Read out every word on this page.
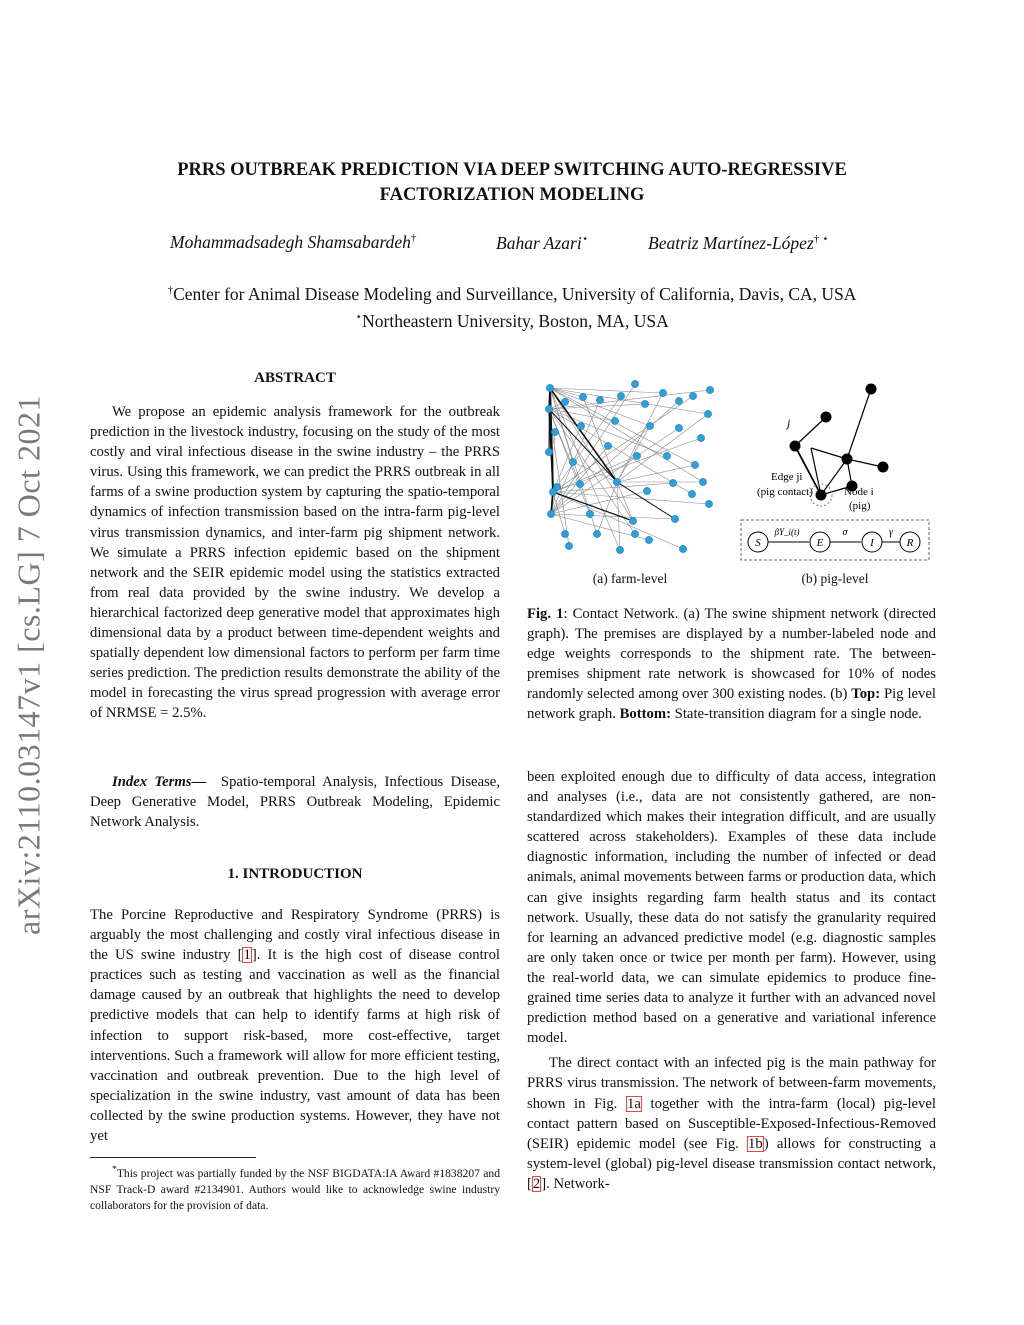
arXiv:2110.03147v1 [cs.LG] 7 Oct 2021
PRRS OUTBREAK PREDICTION VIA DEEP SWITCHING AUTO-REGRESSIVE
FACTORIZATION MODELING
Mohammadsadegh Shamsabardeh†	Bahar Azari⋆	Beatriz Martínez-López† ⋆
†Center for Animal Disease Modeling and Surveillance, University of California, Davis, CA, USA
⋆Northeastern University, Boston, MA, USA
ABSTRACT

We propose an epidemic analysis framework for the outbreak prediction in the livestock industry, focusing on the study of the most costly and viral infectious disease in the swine industry – the PRRS virus. Using this framework, we can predict the PRRS outbreak in all farms of a swine production system by capturing the spatio-temporal dynamics of infection transmission based on the intra-farm pig-level virus transmission dynamics, and inter-farm pig shipment network. We simulate a PRRS infection epidemic based on the shipment network and the SEIR epidemic model using the statistics extracted from real data provided by the swine industry. We develop a hierarchical factorized deep generative model that approximates high dimensional data by a product between time-dependent weights and spatially dependent low dimensional factors to perform per farm time series prediction. The prediction results demonstrate the ability of the model in forecasting the virus spread progression with average error of NRMSE = 2.5%.

Index Terms— Spatio-temporal Analysis, Infectious Disease, Deep Generative Model, PRRS Outbreak Modeling, Epidemic Network Analysis.

1. INTRODUCTION

The Porcine Reproductive and Respiratory Syndrome (PRRS) is arguably the most challenging and costly viral infectious disease in the US swine industry [1]. It is the high cost of disease control practices such as testing and vaccination as well as the financial damage caused by an outbreak that highlights the need to develop predictive models that can help to identify farms at high risk of infection to support risk-based, more cost-effective, target interventions. Such a framework will allow for more efficient testing, vaccination and outbreak prevention. Due to the high level of specialization in the swine industry, vast amount of data has been collected by the swine production systems. However, they have not yet

*This project was partially funded by the NSF BIGDATA:IA Award #1838207 and NSF Track-D award #2134901. Authors would like to acknowledge swine industry collaborators for the provision of data.
j
Edge ji
(pig contact)	Node i
(pig)
S	E	I	R
βY_i(t)	σ	γ
(a) farm-level	(b) pig-level

Fig. 1: Contact Network. (a) The swine shipment network (directed graph). The premises are displayed by a number-labeled node and edge weights corresponds to the shipment rate. The between-premises shipment rate network is showcased for 10% of nodes randomly selected among over 300 existing nodes. (b) Top: Pig level network graph. Bottom: State-transition diagram for a single node.

been exploited enough due to difficulty of data access, integration and analyses (i.e., data are not consistently gathered, are non-standardized which makes their integration difficult, and are usually scattered across stakeholders). Examples of these data include diagnostic information, including the number of infected or dead animals, animal movements between farms or production data, which can give insights regarding farm health status and its contact network. Usually, these data do not satisfy the granularity required for learning an advanced predictive model (e.g. diagnostic samples are only taken once or twice per month per farm). However, using the real-world data, we can simulate epidemics to produce fine-grained time series data to analyze it further with an advanced novel prediction method based on a generative and variational inference model.

The direct contact with an infected pig is the main pathway for PRRS virus transmission. The network of between-farm movements, shown in Fig. 1a together with the intra-farm (local) pig-level contact pattern based on Susceptible-Exposed-Infectious-Removed (SEIR) epidemic model (see Fig. 1b) allows for constructing a system-level (global) pig-level disease transmission contact network, [2]. Network-
